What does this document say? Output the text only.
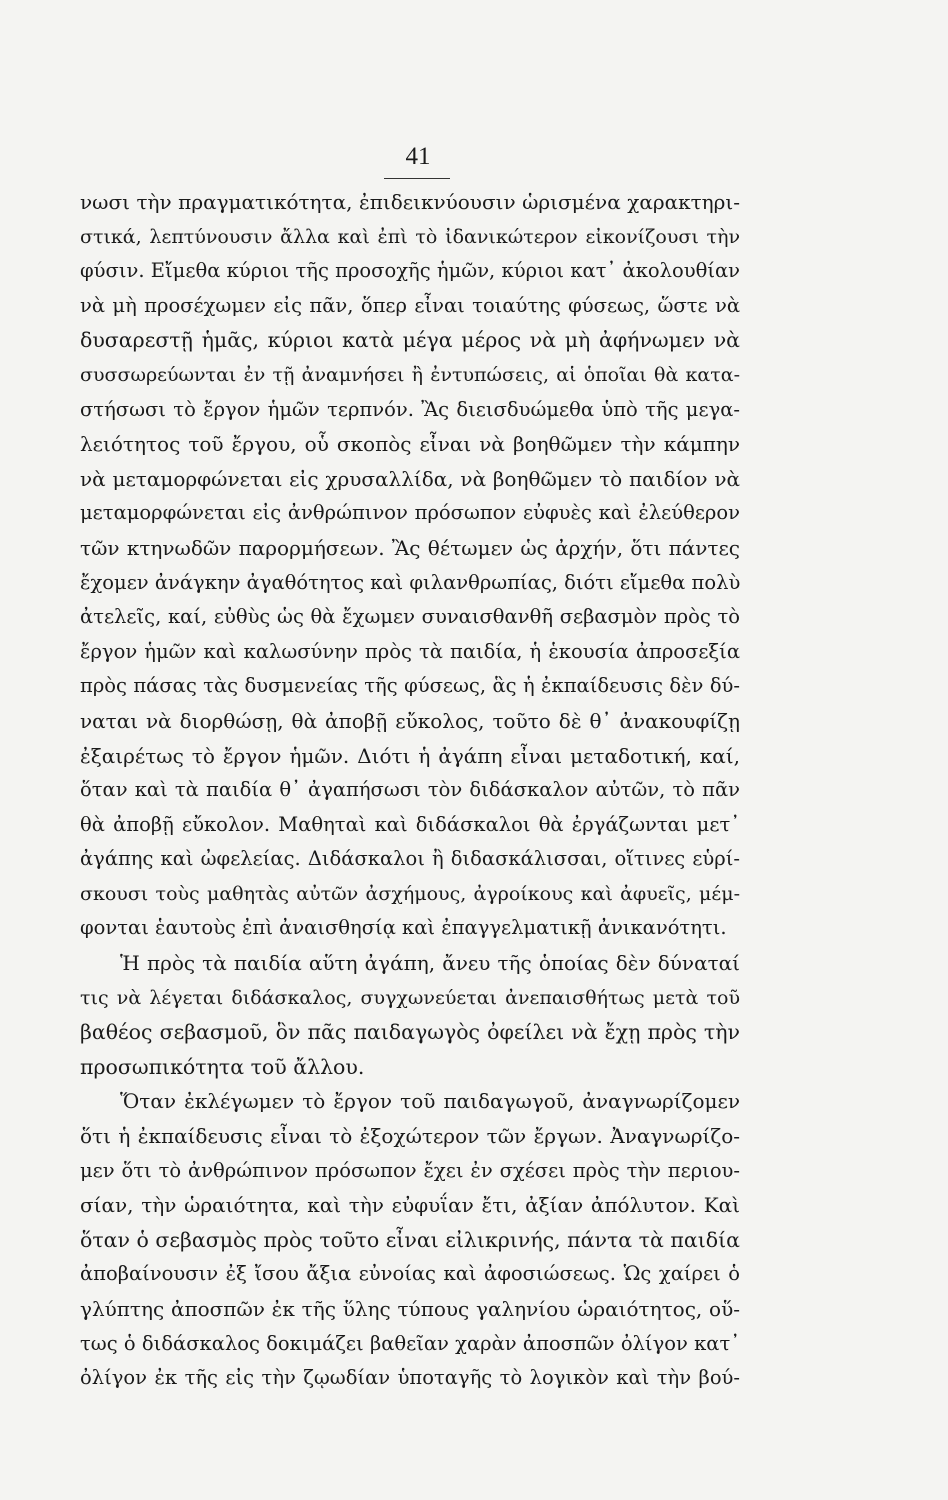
41
νωσι τὴν πραγματικότητα, ἐπιδεικνύουσιν ὡρισμένα χαρακτηρι-
στικά, λεπτύνουσιν ἄλλα καὶ ἐπὶ τὸ ἰδανικώτερον εἰκονίζουσι τὴν
φύσιν. Εἴμεθα κύριοι τῆς προσοχῆς ἡμῶν, κύριοι κατ᾽ ἀκολουθίαν
νὰ μὴ προσέχωμεν εἰς πᾶν, ὅπερ εἶναι τοιαύτης φύσεως, ὥστε νὰ
δυσαρεστῇ ἡμᾶς, κύριοι κατὰ μέγα μέρος νὰ μὴ ἀφήνωμεν νὰ
συσσωρεύωνται ἐν τῇ ἀναμνήσει ἢ ἐντυπώσεις, αἱ ὁποῖαι θὰ κατα-
στήσωσι τὸ ἔργον ἡμῶν τερπνόν. Ἂς διεισδυώμεθα ὑπὸ τῆς μεγα-
λειότητος τοῦ ἔργου, οὗ σκοπὸς εἶναι νὰ βοηθῶμεν τὴν κάμπην
νὰ μεταμορφώνεται εἰς χρυσαλλίδα, νὰ βοηθῶμεν τὸ παιδίον νὰ
μεταμορφώνεται εἰς ἀνθρώπινον πρόσωπον εὐφυὲς καὶ ἐλεύθερον
τῶν κτηνωδῶν παρορμήσεων. Ἂς θέτωμεν ὡς ἀρχήν, ὅτι πάντες
ἔχομεν ἀνάγκην ἀγαθότητος καὶ φιλανθρωπίας, διότι εἴμεθα πολὺ
ἀτελεῖς, καί, εὐθὺς ὡς θὰ ἔχωμεν συναισθανθῆ σεβασμὸν πρὸς τὸ
ἔργον ἡμῶν καὶ καλωσύνην πρὸς τὰ παιδία, ἡ ἑκουσία ἀπροσεξία
πρὸς πάσας τὰς δυσμενείας τῆς φύσεως, ἃς ἡ ἐκπαίδευσις δὲν δύ-
ναται νὰ διορθώσῃ, θὰ ἀποβῇ εὔκολος, τοῦτο δὲ θ᾽ ἀνακουφίζῃ
ἐξαιρέτως τὸ ἔργον ἡμῶν. Διότι ἡ ἀγάπη εἶναι μεταδοτική, καί,
ὅταν καὶ τὰ παιδία θ᾽ ἀγαπήσωσι τὸν διδάσκαλον αὐτῶν, τὸ πᾶν
θὰ ἀποβῇ εὔκολον. Μαθηταὶ καὶ διδάσκαλοι θὰ ἐργάζωνται μετ᾽
ἀγάπης καὶ ὠφελείας. Διδάσκαλοι ἢ διδασκάλισσαι, οἵτινες εὑρί-
σκουσι τοὺς μαθητὰς αὐτῶν ἀσχήμους, ἀγροίκους καὶ ἀφυεῖς, μέμ-
φονται ἑαυτοὺς ἐπὶ ἀναισθησίᾳ καὶ ἐπαγγελματικῇ ἀνικανότητι.
Ἡ πρὸς τὰ παιδία αὕτη ἀγάπη, ἄνευ τῆς ὁποίας δὲν δύναταί
τις νὰ λέγεται διδάσκαλος, συγχωνεύεται ἀνεπαισθήτως μετὰ τοῦ
βαθέος σεβασμοῦ, ὃν πᾶς παιδαγωγὸς ὀφείλει νὰ ἔχῃ πρὸς τὴν
προσωπικότητα τοῦ ἄλλου.
Ὅταν ἐκλέγωμεν τὸ ἔργον τοῦ παιδαγωγοῦ, ἀναγνωρίζομεν
ὅτι ἡ ἐκπαίδευσις εἶναι τὸ ἐξοχώτερον τῶν ἔργων. Ἀναγνωρίζο-
μεν ὅτι τὸ ἀνθρώπινον πρόσωπον ἔχει ἐν σχέσει πρὸς τὴν περιου-
σίαν, τὴν ὡραιότητα, καὶ τὴν εὐφυΐαν ἔτι, ἀξίαν ἀπόλυτον. Καὶ
ὅταν ὁ σεβασμὸς πρὸς τοῦτο εἶναι εἰλικρινής, πάντα τὰ παιδία
ἀποβαίνουσιν ἐξ ἴσου ἄξια εὐνοίας καὶ ἀφοσιώσεως. Ὡς χαίρει ὁ
γλύπτης ἀποσπῶν ἐκ τῆς ὕλης τύπους γαληνίου ὡραιότητος, οὕ-
τως ὁ διδάσκαλος δοκιμάζει βαθεῖαν χαρὰν ἀποσπῶν ὀλίγον κατ᾽
ὀλίγον ἐκ τῆς εἰς τὴν ζῳωδίαν ὑποταγῆς τὸ λογικὸν καὶ τὴν βού-
